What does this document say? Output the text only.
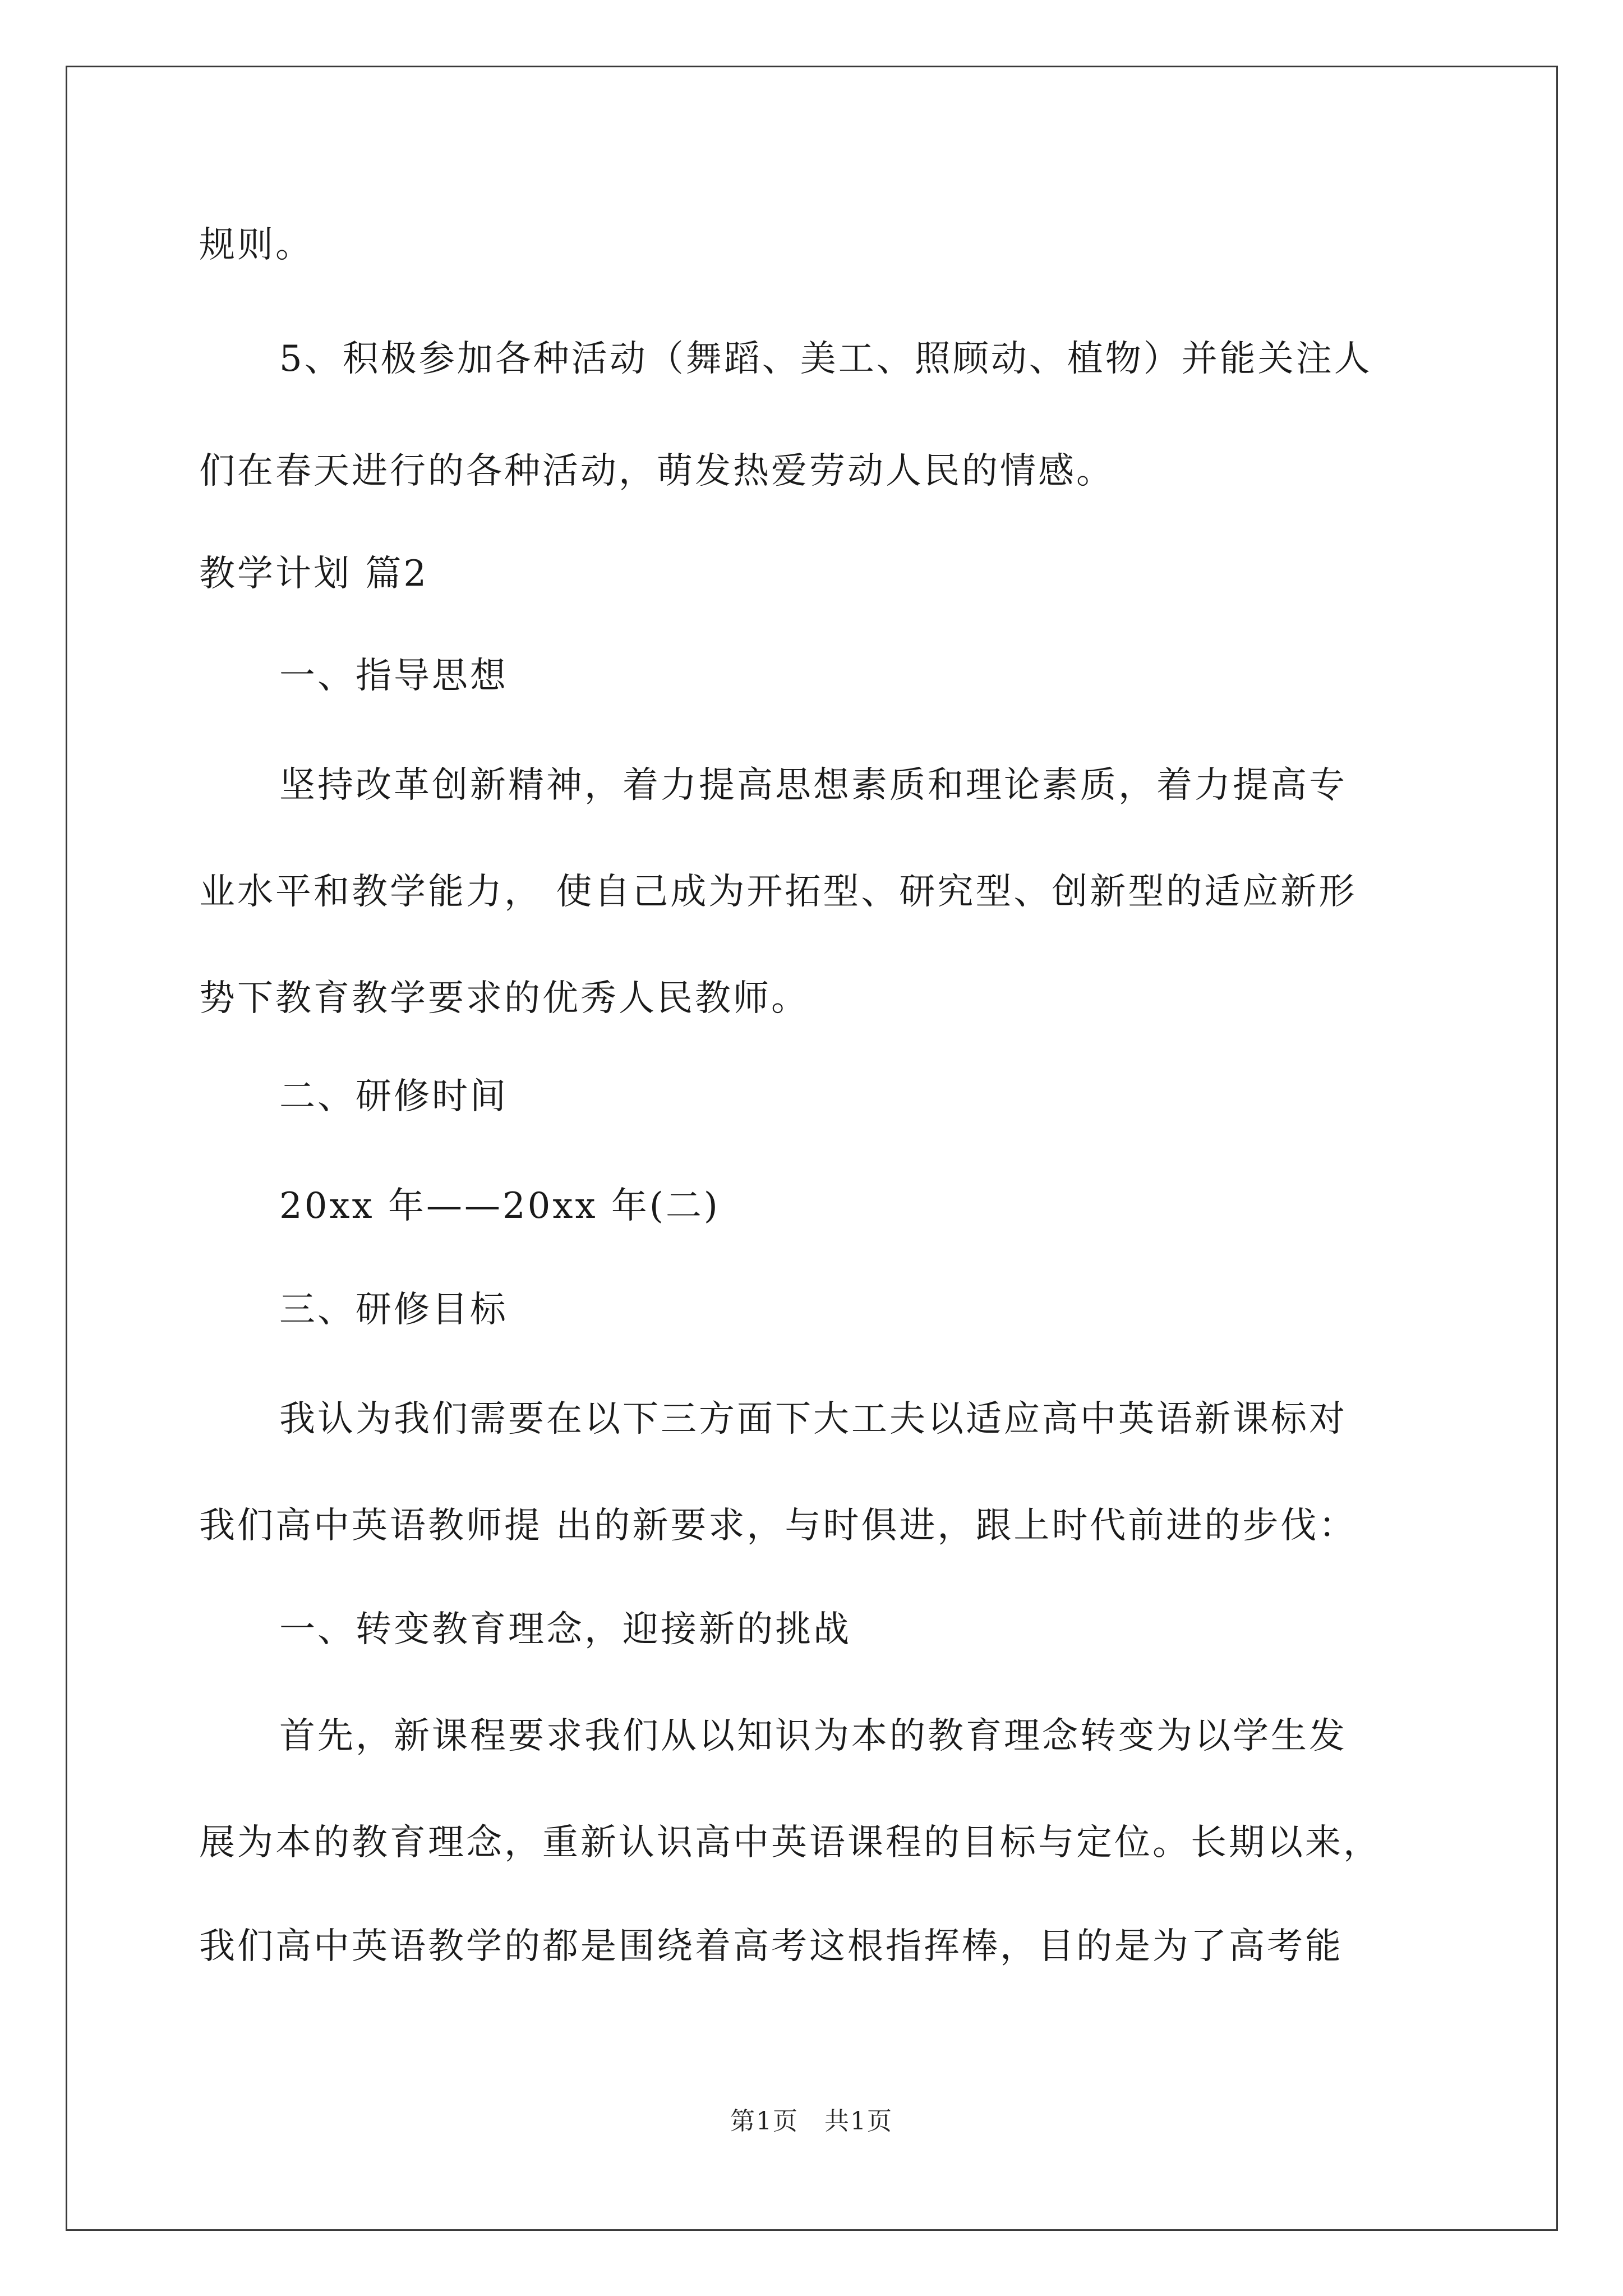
规则。
5、积极参加各种活动（舞蹈、美工、照顾动、植物）并能关注人
们在春天进行的各种活动，萌发热爱劳动人民的情感。
教学计划 篇2
一、指导思想
坚持改革创新精神，着力提高思想素质和理论素质，着力提高专
业水平和教学能力， 使自己成为开拓型、研究型、创新型的适应新形
势下教育教学要求的优秀人民教师。
二、研修时间
20xx 年——20xx 年(二)
三、研修目标
我认为我们需要在以下三方面下大工夫以适应高中英语新课标对
我们高中英语教师提 出的新要求，与时俱进，跟上时代前进的步伐：
一、转变教育理念，迎接新的挑战
首先，新课程要求我们从以知识为本的教育理念转变为以学生发
展为本的教育理念，重新认识高中英语课程的目标与定位。长期以来，
我们高中英语教学的都是围绕着高考这根指挥棒，目的是为了高考能
第1页　共1页
